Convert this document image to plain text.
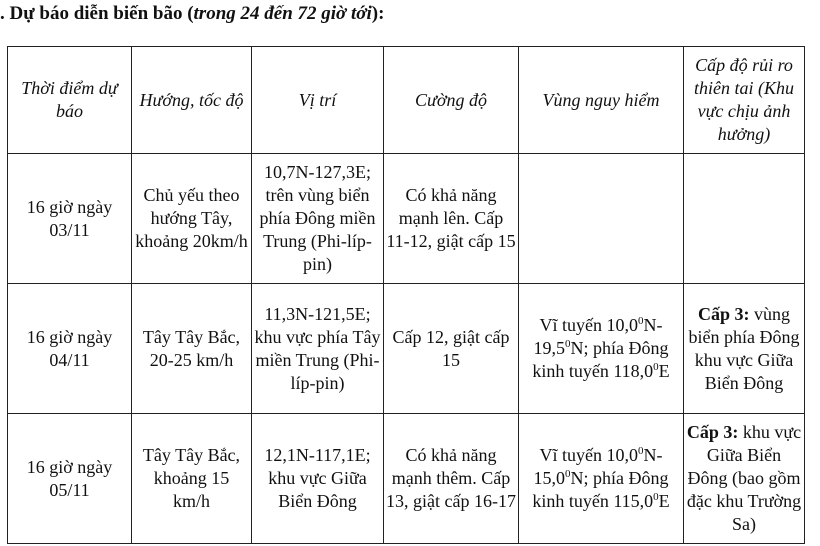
. Dự báo diễn biến bão (trong 24 đến 72 giờ tới):
Thời điểm dự báo	Hướng, tốc độ	Vị trí	Cường độ	Vùng nguy hiểm	Cấp độ rủi ro thiên tai (Khu vực chịu ảnh hưởng)
16 giờ ngày 03/11	Chủ yếu theo hướng Tây, khoảng 20km/h	10,7N-127,3E; trên vùng biển phía Đông miền Trung (Phi-líp-pin)	Có khả năng mạnh lên. Cấp 11-12, giật cấp 15		
16 giờ ngày 04/11	Tây Tây Bắc, 20-25 km/h	11,3N-121,5E; khu vực phía Tây miền Trung (Phi-líp-pin)	Cấp 12, giật cấp 15	Vĩ tuyến 10,0$^0$N-19,5$^0$N; phía Đông kinh tuyến 118,0$^0$E	Cấp 3: vùng biển phía Đông khu vực Giữa Biển Đông
16 giờ ngày 05/11	Tây Tây Bắc, khoảng 15 km/h	12,1N-117,1E; khu vực Giữa Biển Đông	Có khả năng mạnh thêm. Cấp 13, giật cấp 16-17	Vĩ tuyến 10,0$^0$N-15,0$^0$N; phía Đông kinh tuyến 115,0$^0$E	Cấp 3: khu vực Giữa Biển Đông (bao gồm đặc khu Trường Sa)
